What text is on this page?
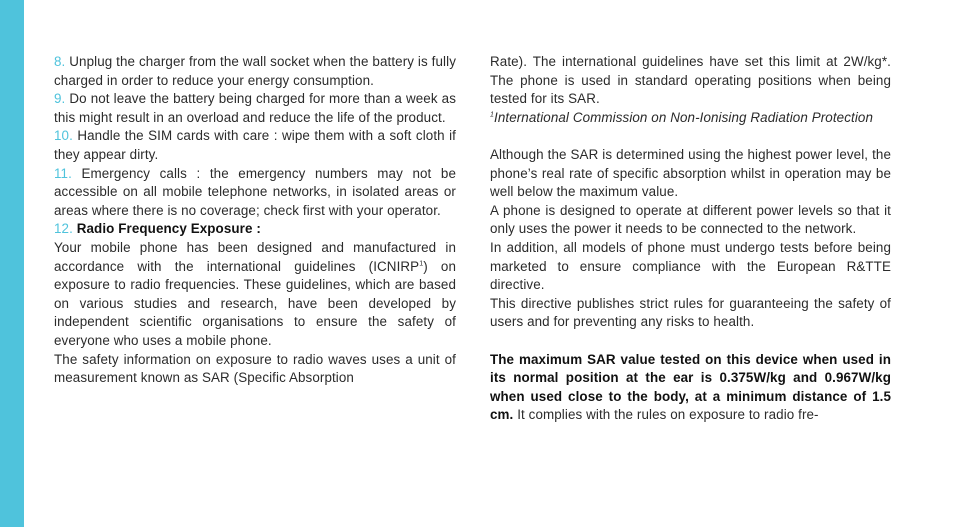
8. Unplug the charger from the wall socket when the battery is fully charged in order to reduce your energy consumption.

9. Do not leave the battery being charged for more than a week as this might result in an overload and reduce the life of the product.

10. Handle the SIM cards with care : wipe them with a soft cloth if they appear dirty.

11. Emergency calls : the emergency numbers may not be accessible on all mobile telephone networks, in isolated areas or areas where there is no coverage; check first with your operator.

12. Radio Frequency Exposure :

Your mobile phone has been designed and manufactured in accordance with the international guidelines (ICNIRP$^1$) on exposure to radio frequencies. These guidelines, which are based on various studies and research, have been developed by independent scientific organisations to ensure the safety of everyone who uses a mobile phone.

The safety information on exposure to radio waves uses a unit of measurement known as SAR (Specific Absorption

Rate). The international guidelines have set this limit at 2W/kg*. The phone is used in standard operating positions when being tested for its SAR.

$^1$International Commission on Non-Ionising Radiation Protection

Although the SAR is determined using the highest power level, the phone’s real rate of specific absorption whilst in operation may be well below the maximum value.

A phone is designed to operate at different power levels so that it only uses the power it needs to be connected to the network.

In addition, all models of phone must undergo tests before being marketed to ensure compliance with the European R&TTE directive.

This directive publishes strict rules for guaranteeing the safety of users and for preventing any risks to health.

The maximum SAR value tested on this device when used in its normal position at the ear is 0.375W/kg and 0.967W/kg when used close to the body, at a minimum distance of 1.5 cm. It complies with the rules on exposure to radio fre-
